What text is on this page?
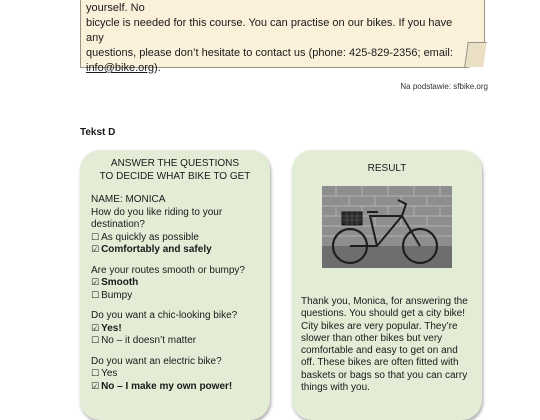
yourself. No
bicycle is needed for this course. You can practise on our bikes. If you have any
questions, please don’t hesitate to contact us (phone: 425-829-2356; email:
info@bike.org).
Na podstawie: sfbike.org
Tekst D
ANSWER THE QUESTIONS
TO DECIDE WHAT BIKE TO GET
NAME: MONICA
How do you like riding to your destination?
☐ As quickly as possible
☑ Comfortably and safely
Are your routes smooth or bumpy?
☑ Smooth
☐ Bumpy
Do you want a chic-looking bike?
☑ Yes!
☐ No – it doesn’t matter
Do you want an electric bike?
☐ Yes
☑ No – I make my own power!
RESULT
Thank you, Monica, for answering the questions. You should get a city bike! City bikes are very popular. They’re slower than other bikes but very comfortable and easy to get on and off. These bikes are often fitted with baskets or bags so that you can carry things with you.
